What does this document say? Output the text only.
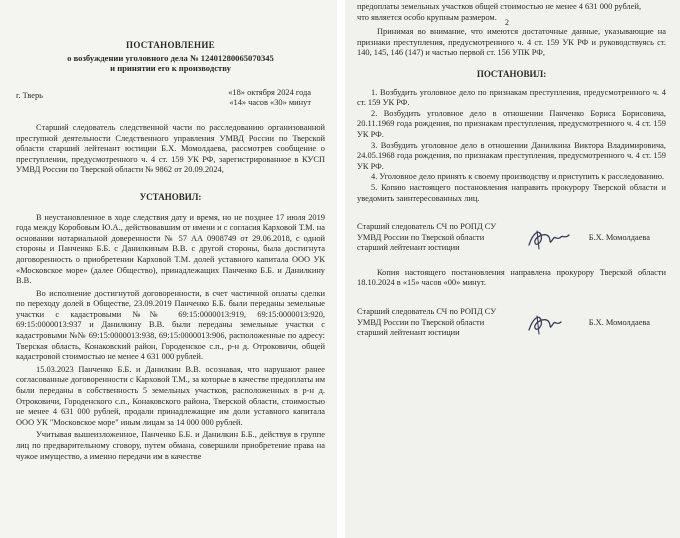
ПОСТАНОВЛЕНИЕ
о возбуждении уголовного дела № 12401280065070345
и принятии его к производству
г. Тверь	«18» октября 2024 года
«14» часов «30» минут

Старший следователь следственной части по расследованию организованной преступной деятельности Следственного управления УМВД России по Тверской области старший лейтенант юстиции Б.Х. Момолдаева, рассмотрев сообщение о преступлении, предусмотренного ч. 4 ст. 159 УК РФ, зарегистрированное в КУСП УМВД России по Тверской области № 9862 от 20.09.2024,

УСТАНОВИЛ:

В неустановленное в ходе следствия дату и время, но не позднее 17 июля 2019 года между Коробовым Ю.А., действовавшим от имени и с согласия Карховой Т.М. на основании нотариальной доверенности № 57 АА 0908749 от 29.06.2018, с одной стороны и Панченко Б.Б. с Данилкиным В.В. с другой стороны, была достигнута договоренность о приобретении Карховой Т.М. долей уставного капитала ООО УК «Московское море» (далее Общество), принадлежащих Панченко Б.Б. и Данилкину В.В.

Во исполнение достигнутой договоренности, в счет частичной оплаты сделки по переходу долей в Обществе, 23.09.2019 Панченко Б.Б. были переданы земельные участки с кадастровыми №№ 69:15:0000013:919, 69:15:0000013:920, 69:15:0000013:937 и Данилкину В.В. были переданы земельные участки с кадастровыми №№ 69:15:0000013:938, 69:15:0000013:906, расположенные по адресу: Тверская область, Конаковский район, Городенское с.п., р-н д. Отроковичи, общей кадастровой стоимостью не менее 4 631 000 рублей.

15.03.2023 Панченко Б.Б. и Данилкин В.В. осознавая, что нарушают ранее согласованные договоренности с Карховой Т.М., за которые в качестве предоплаты им были переданы в собственность 5 земельных участков, расположенных в р-н д. Отроковичи, Городенского с.п., Конаковского района, Тверской области, стоимостью не менее 4 631 000 рублей, продали принадлежащие им доли уставного капитала ООО УК "Московское море" иным лицам за 14 000 000 рублей.

Учитывая вышеизложенное, Панченко Б.Б. и Данилкин Б.Б., действуя в группе лиц по предварительному сговору, путем обмана, совершили приобретение права на чужое имущество, а именно передачи им в качестве

предоплаты земельных участков общей стоимостью не менее 4 631 000 рублей,
что является особо крупным размером.
2

Принимая во внимание, что имеются достаточные данные, указывающие на признаки преступления, предусмотренного ч. 4 ст. 159 УК РФ и руководствуясь ст. 140, 145, 146 (147) и частью первой ст. 156 УПК РФ,

ПОСТАНОВИЛ:

1. Возбудить уголовное дело по признакам преступления, предусмотренного ч. 4 ст. 159 УК РФ.

2. Возбудить уголовное дело в отношении Панченко Бориса Борисовича, 20.11.1969 года рождения, по признакам преступления, предусмотренного ч. 4 ст. 159 УК РФ.

3. Возбудить уголовное дело в отношении Данилкина Виктора Владимировича, 24.05.1968 года рождения, по признакам преступления, предусмотренного ч. 4 ст. 159 УК РФ.

4. Уголовное дело принять к своему производству и приступить к расследованию.

5. Копию настоящего постановления направить прокурору Тверской области и уведомить заинтересованных лиц.

Старший следователь СЧ по РОПД СУ
УМВД России по Тверской области
старший лейтенант юстиции
Б.Х. Момолдаева

Копия настоящего постановления направлена прокурору Тверской области 18.10.2024 в «15» часов «00» минут.

Старший следователь СЧ по РОПД СУ
УМВД России по Тверской области
старший лейтенант юстиции
Б.Х. Момолдаева
